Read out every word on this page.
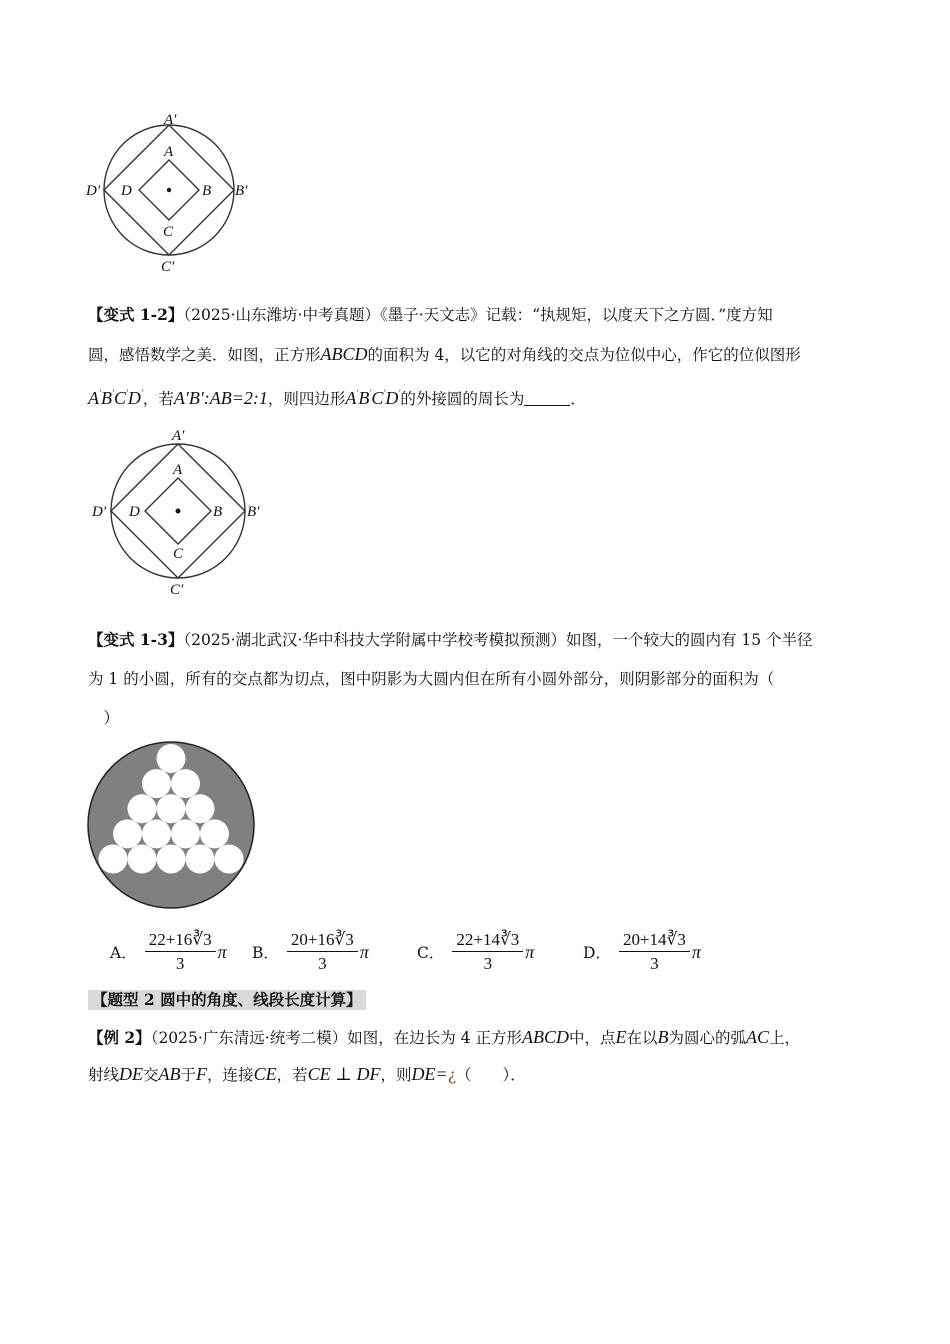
A′
B′
C′
D′
A
B
C
D
【变式 1-2】（2025·山东潍坊·中考真题）《墨子·天文志》记载：“执规矩，以度天下之方圆．”度方知
圆，感悟数学之美．如图，正方形ABCD的面积为 4，以它的对角线的交点为位似中心，作它的位似图形
A′B′C′D′，若A′B′:AB=2:1，则四边形A′B′C′D′的外接圆的周长为	．
A′
B′
C′
D′
A
B
C
D
【变式 1-3】（2025·湖北武汉·华中科技大学附属中学校考模拟预测）如图，一个较大的圆内有 15 个半径
为 1 的小圆，所有的交点都为切点，图中阴影为大圆内但在所有小圆外部分，则阴影部分的面积为（
　）
A． $\frac{22+16∛3}{3}$ π B． $\frac{20+16∛3}{3}$ π	C． $\frac{22+14∛3}{3}$ π	D． $\frac{20+14∛3}{3}$ π
【题型 2 圆中的角度、线段长度计算】
【例 2】（2025·广东清远·统考二模）如图，在边长为 4 正方形ABCD中，点E在以B为圆心的弧AC上，
射线DE交AB于F，连接CE，若CE ⊥ DF，则DE=¿（　　）．
